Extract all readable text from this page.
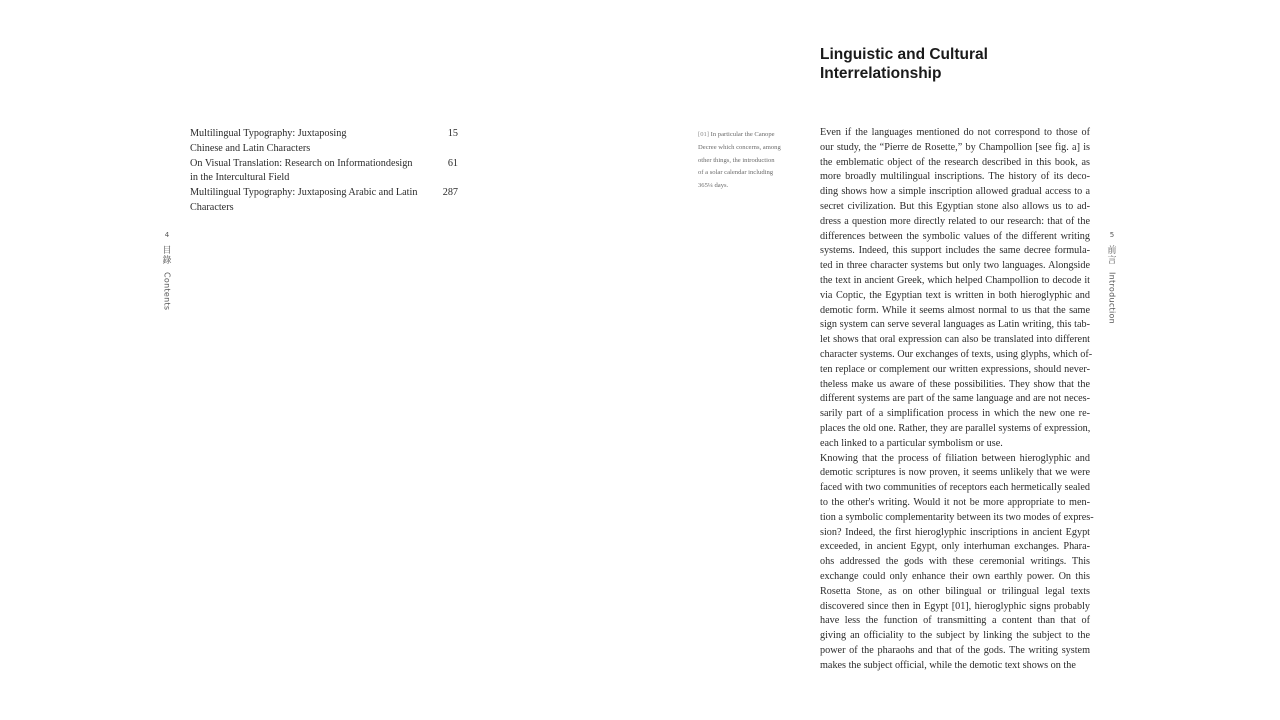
Multilingual Typography: Juxtaposing
Chinese and Latin Characters
15
On Visual Translation: Research on Informationdesign
in the Intercultural Field
61
Multilingual Typography: Juxtaposing Arabic and Latin
Characters
287
4
目錄
Contents
Linguistic and Cultural
Interrelationship
[01] In particular the Canope
Decree which concerns, among
other things, the introduction
of a solar calendar including
365¼ days.
Even if the languages mentioned do not correspond to those of
our study, the “Pierre de Rosette,” by Champollion [see fig. a] is
the emblematic object of the research described in this book, as
more broadly multilingual inscriptions. The history of its deco-
ding shows how a simple inscription allowed gradual access to a
secret civilization. But this Egyptian stone also allows us to ad-
dress a question more directly related to our research: that of the
differences between the symbolic values of the different writing
systems. Indeed, this support includes the same decree formula-
ted in three character systems but only two languages. Alongside
the text in ancient Greek, which helped Champollion to decode it
via Coptic, the Egyptian text is written in both hieroglyphic and
demotic form. While it seems almost normal to us that the same
sign system can serve several languages as Latin writing, this tab-
let shows that oral expression can also be translated into different
character systems. Our exchanges of texts, using glyphs, which of-
ten replace or complement our written expressions, should never-
theless make us aware of these possibilities. They show that the
different systems are part of the same language and are not neces-
sarily part of a simplification process in which the new one re-
places the old one. Rather, they are parallel systems of expression,
each linked to a particular symbolism or use.
Knowing that the process of filiation between hieroglyphic and
demotic scriptures is now proven, it seems unlikely that we were
faced with two communities of receptors each hermetically sealed
to the other's writing. Would it not be more appropriate to men-
tion a symbolic complementarity between its two modes of expres-
sion? Indeed, the first hieroglyphic inscriptions in ancient Egypt
exceeded, in ancient Egypt, only interhuman exchanges. Phara-
ohs addressed the gods with these ceremonial writings. This
exchange could only enhance their own earthly power. On this
Rosetta Stone, as on other bilingual or trilingual legal texts
discovered since then in Egypt [01], hieroglyphic signs probably
have less the function of transmitting a content than that of
giving an officiality to the subject by linking the subject to the
power of the pharaohs and that of the gods. The writing system
makes the subject official, while the demotic text shows on the
5
前言
Introduction
